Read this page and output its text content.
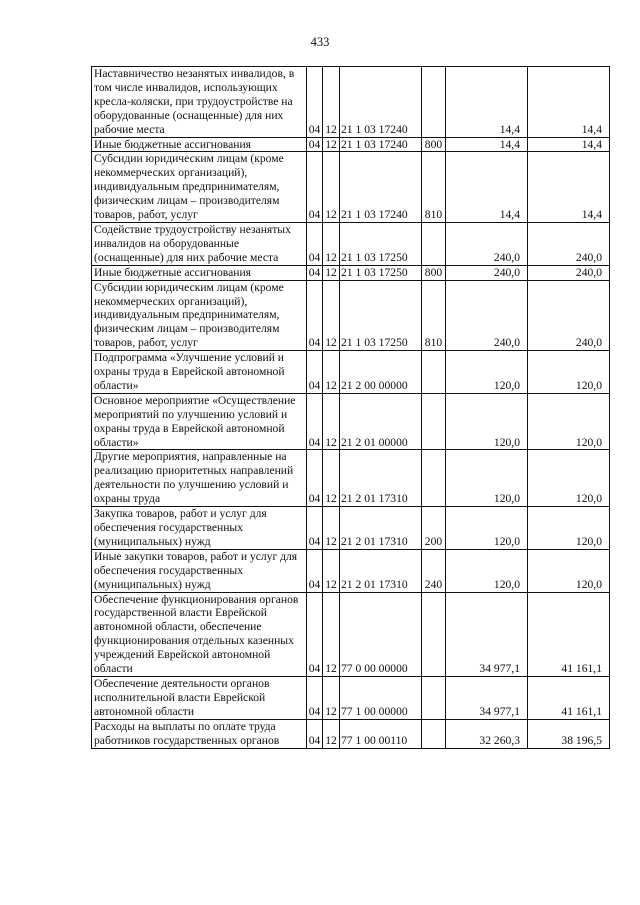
433
Наставничество незанятых инвалидов, в том числе инвалидов, использующих кресла-коляски, при трудоустройстве на оборудованные (оснащенные) для них рабочие места	04	12	21 1 03 17240		14,4	14,4
Иные бюджетные ассигнования	04	12	21 1 03 17240	800	14,4	14,4
Субсидии юридическим лицам (кроме некоммерческих организаций), индивидуальным предпринимателям, физическим лицам – производителям товаров, работ, услуг	04	12	21 1 03 17240	810	14,4	14,4
Содействие трудоустройству незанятых инвалидов на оборудованные (оснащенные) для них рабочие места	04	12	21 1 03 17250		240,0	240,0
Иные бюджетные ассигнования	04	12	21 1 03 17250	800	240,0	240,0
Субсидии юридическим лицам (кроме некоммерческих организаций), индивидуальным предпринимателям, физическим лицам – производителям товаров, работ, услуг	04	12	21 1 03 17250	810	240,0	240,0
Подпрограмма «Улучшение условий и охраны труда в Еврейской автономной области»	04	12	21 2 00 00000		120,0	120,0
Основное мероприятие «Осуществление мероприятий по улучшению условий и охраны труда в Еврейской автономной области»	04	12	21 2 01 00000		120,0	120,0
Другие мероприятия, направленные на реализацию приоритетных направлений деятельности по улучшению условий и охраны труда	04	12	21 2 01 17310		120,0	120,0
Закупка товаров, работ и услуг для обеспечения государственных (муниципальных) нужд	04	12	21 2 01 17310	200	120,0	120,0
Иные закупки товаров, работ и услуг для обеспечения государственных (муниципальных) нужд	04	12	21 2 01 17310	240	120,0	120,0
Обеспечение функционирования органов государственной власти Еврейской автономной области, обеспечение функционирования отдельных казенных учреждений Еврейской автономной области	04	12	77 0 00 00000		34 977,1	41 161,1
Обеспечение деятельности органов исполнительной власти Еврейской автономной области	04	12	77 1 00 00000		34 977,1	41 161,1
Расходы на выплаты по оплате труда работников государственных органов	04	12	77 1 00 00110		32 260,3	38 196,5
